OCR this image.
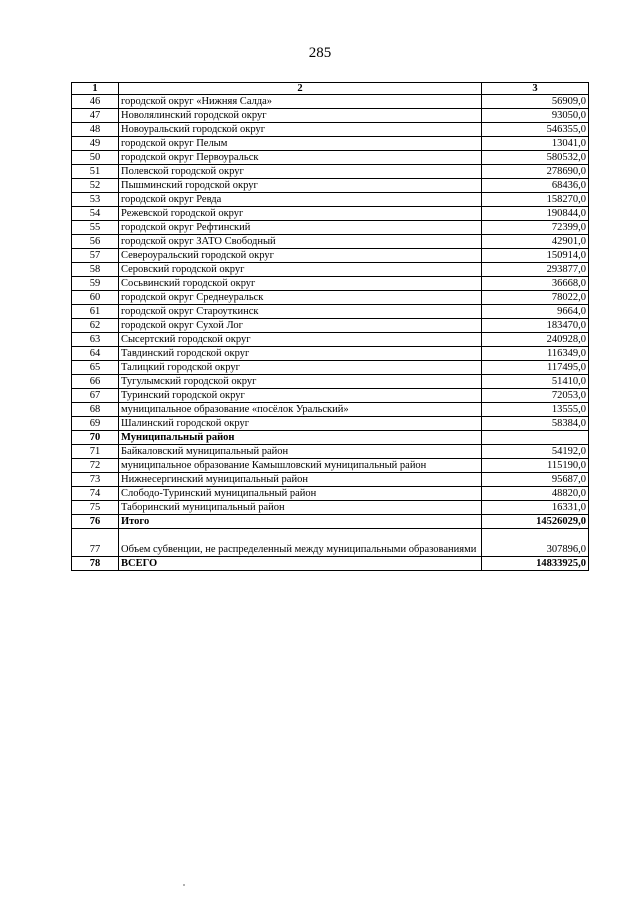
285
1	2	3
46	городской округ «Нижняя Салда»	56909,0
47	Новолялинский городской округ	93050,0
48	Новоуральский городской округ	546355,0
49	городской округ Пелым	13041,0
50	городской округ Первоуральск	580532,0
51	Полевской городской округ	278690,0
52	Пышминский городской округ	68436,0
53	городской округ Ревда	158270,0
54	Режевской городской округ	190844,0
55	городской округ Рефтинский	72399,0
56	городской округ ЗАТО Свободный	42901,0
57	Североуральский городской округ	150914,0
58	Серовский городской округ	293877,0
59	Сосьвинский городской округ	36668,0
60	городской округ Среднеуральск	78022,0
61	городской округ Староуткинск	9664,0
62	городской округ Сухой Лог	183470,0
63	Сысертский городской округ	240928,0
64	Тавдинский городской округ	116349,0
65	Талицкий городской округ	117495,0
66	Тугулымский городской округ	51410,0
67	Туринский городской округ	72053,0
68	муниципальное образование «посёлок Уральский»	13555,0
69	Шалинский городской округ	58384,0
70	Муниципальный район	
71	Байкаловский муниципальный район	54192,0
72	муниципальное образование Камышловский муниципальный район	115190,0
73	Нижнесергинский муниципальный район	95687,0
74	Слободо-Туринский муниципальный район	48820,0
75	Таборинский муниципальный район	16331,0
76	Итого	14526029,0
77	Объем субвенции, не распределенный между муниципальными образованиями	307896,0
78	ВСЕГО	14833925,0
